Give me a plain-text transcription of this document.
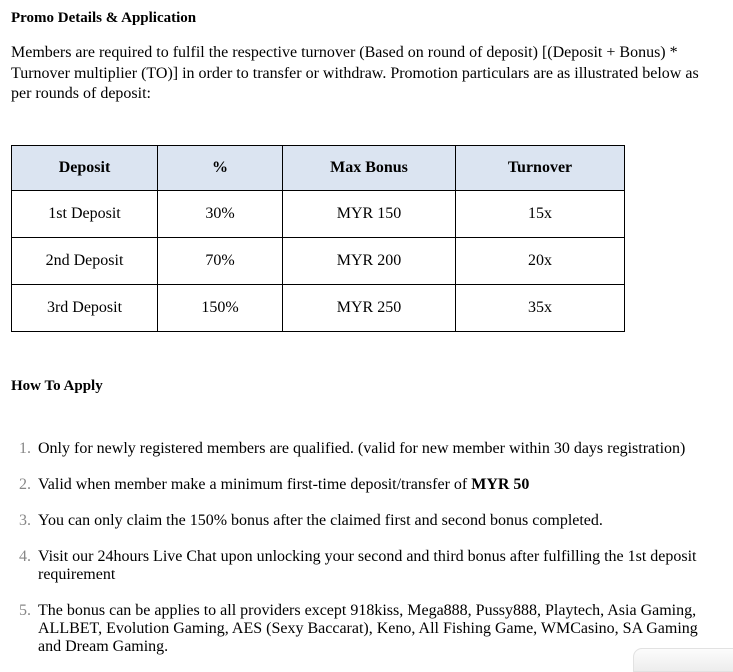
Promo Details & Application

Members are required to fulfil the respective turnover (Based on round of deposit) [(Deposit + Bonus) * Turnover multiplier (TO)] in order to transfer or withdraw. Promotion particulars are as illustrated below as per rounds of deposit:

Deposit	%	Max Bonus	Turnover
1st Deposit	30%	MYR 150	15x
2nd Deposit	70%	MYR 200	20x
3rd Deposit	150%	MYR 250	35x
How To Apply
1. Only for newly registered members are qualified. (valid for new member within 30 days registration)
2. Valid when member make a minimum first-time deposit/transfer of MYR 50
3. You can only claim the 150% bonus after the claimed first and second bonus completed.
4. Visit our 24hours Live Chat upon unlocking your second and third bonus after fulfilling the 1st deposit requirement
5. The bonus can be applies to all providers except 918kiss, Mega888, Pussy888, Playtech, Asia Gaming, ALLBET, Evolution Gaming, AES (Sexy Baccarat), Keno, All Fishing Game, WMCasino, SA Gaming and Dream Gaming.
